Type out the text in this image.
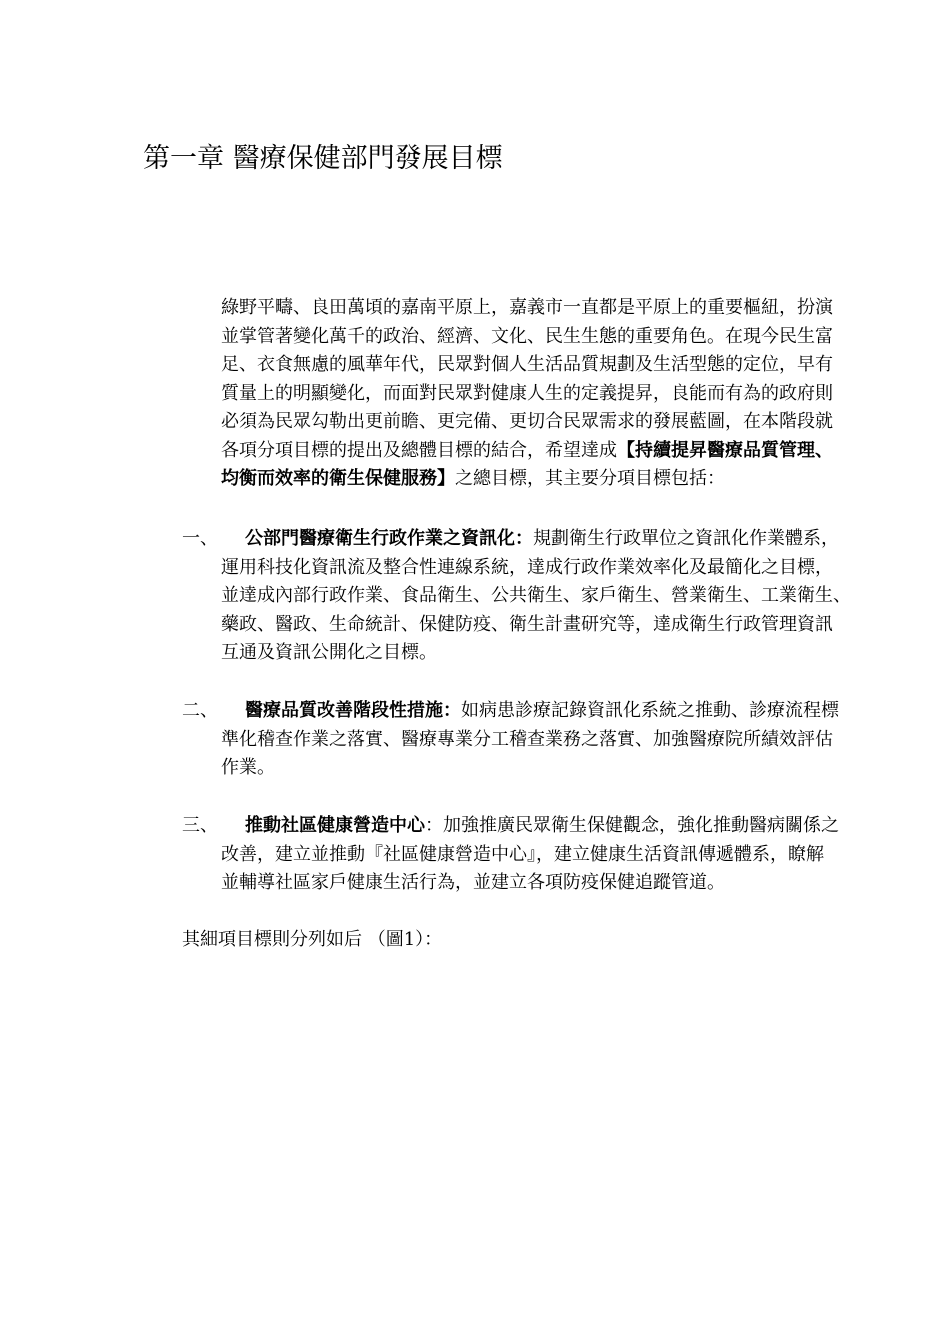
第一章 醫療保健部門發展目標
綠野平疇、良田萬頃的嘉南平原上，嘉義市一直都是平原上的重要樞紐，扮演
並掌管著變化萬千的政治、經濟、文化、民生生態的重要角色。在現今民生富
足、衣食無慮的風華年代，民眾對個人生活品質規劃及生活型態的定位，早有
質量上的明顯變化，而面對民眾對健康人生的定義提昇，良能而有為的政府則
必須為民眾勾勒出更前瞻、更完備、更切合民眾需求的發展藍圖，在本階段就
各項分項目標的提出及總體目標的結合，希望達成【持續提昇醫療品質管理、
均衡而效率的衛生保健服務】之總目標，其主要分項目標包括：
一、	公部門醫療衛生行政作業之資訊化：規劃衛生行政單位之資訊化作業體系，
運用科技化資訊流及整合性連線系統，達成行政作業效率化及最簡化之目標，
並達成內部行政作業、食品衛生、公共衛生、家戶衛生、營業衛生、工業衛生、
藥政、醫政、生命統計、保健防疫、衛生計畫研究等，達成衛生行政管理資訊
互通及資訊公開化之目標。
二、	醫療品質改善階段性措施：如病患診療記錄資訊化系統之推動、診療流程標
準化稽查作業之落實、醫療專業分工稽查業務之落實、加強醫療院所績效評估
作業。
三、	推動社區健康營造中心：加強推廣民眾衛生保健觀念，強化推動醫病關係之
改善，建立並推動『社區健康營造中心』，建立健康生活資訊傳遞體系，瞭解
並輔導社區家戶健康生活行為，並建立各項防疫保健追蹤管道。
其細項目標則分列如后 （圖1）：
